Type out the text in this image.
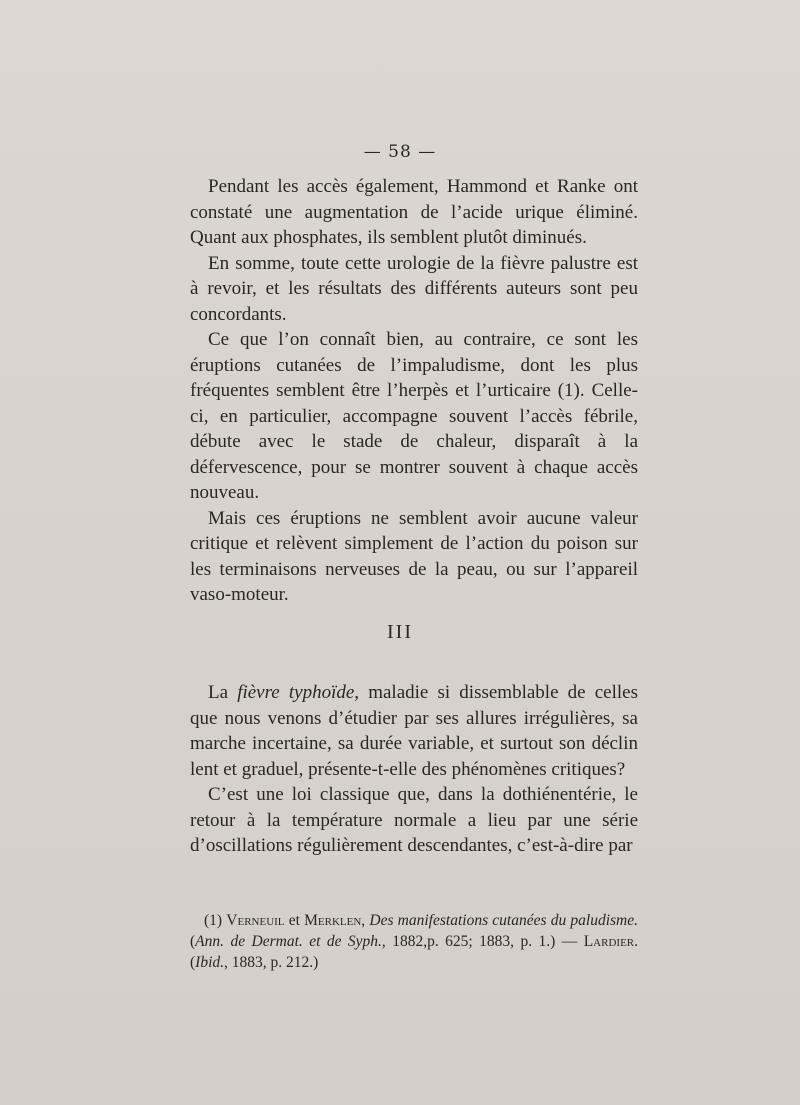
— 58 —

Pendant les accès également, Hammond et Ranke ont constaté une augmentation de l’acide urique éliminé. Quant aux phosphates, ils semblent plutôt diminués.

En somme, toute cette urologie de la fièvre palustre est à revoir, et les résultats des différents auteurs sont peu concordants.

Ce que l’on connaît bien, au contraire, ce sont les éruptions cutanées de l’impaludisme, dont les plus fréquentes semblent être l’herpès et l’urticaire (1). Celle-ci, en particulier, accompagne souvent l’accès fébrile, débute avec le stade de chaleur, disparaît à la défervescence, pour se montrer souvent à chaque accès nouveau.

Mais ces éruptions ne semblent avoir aucune valeur critique et relèvent simplement de l’action du poison sur les terminaisons nerveuses de la peau, ou sur l’appareil vaso-moteur.

III

La fièvre typhoïde, maladie si dissemblable de celles que nous venons d’étudier par ses allures irrégulières, sa marche incertaine, sa durée variable, et surtout son déclin lent et graduel, présente-t-elle des phénomènes critiques?

C’est une loi classique que, dans la dothiénentérie, le retour à la température normale a lieu par une série d’oscillations régulièrement descendantes, c’est-à-dire par

(1) Verneuil et Merklen, Des manifestations cutanées du paludisme. (Ann. de Dermat. et de Syph., 1882,p. 625; 1883, p. 1.) — Lardier. (Ibid., 1883, p. 212.)
